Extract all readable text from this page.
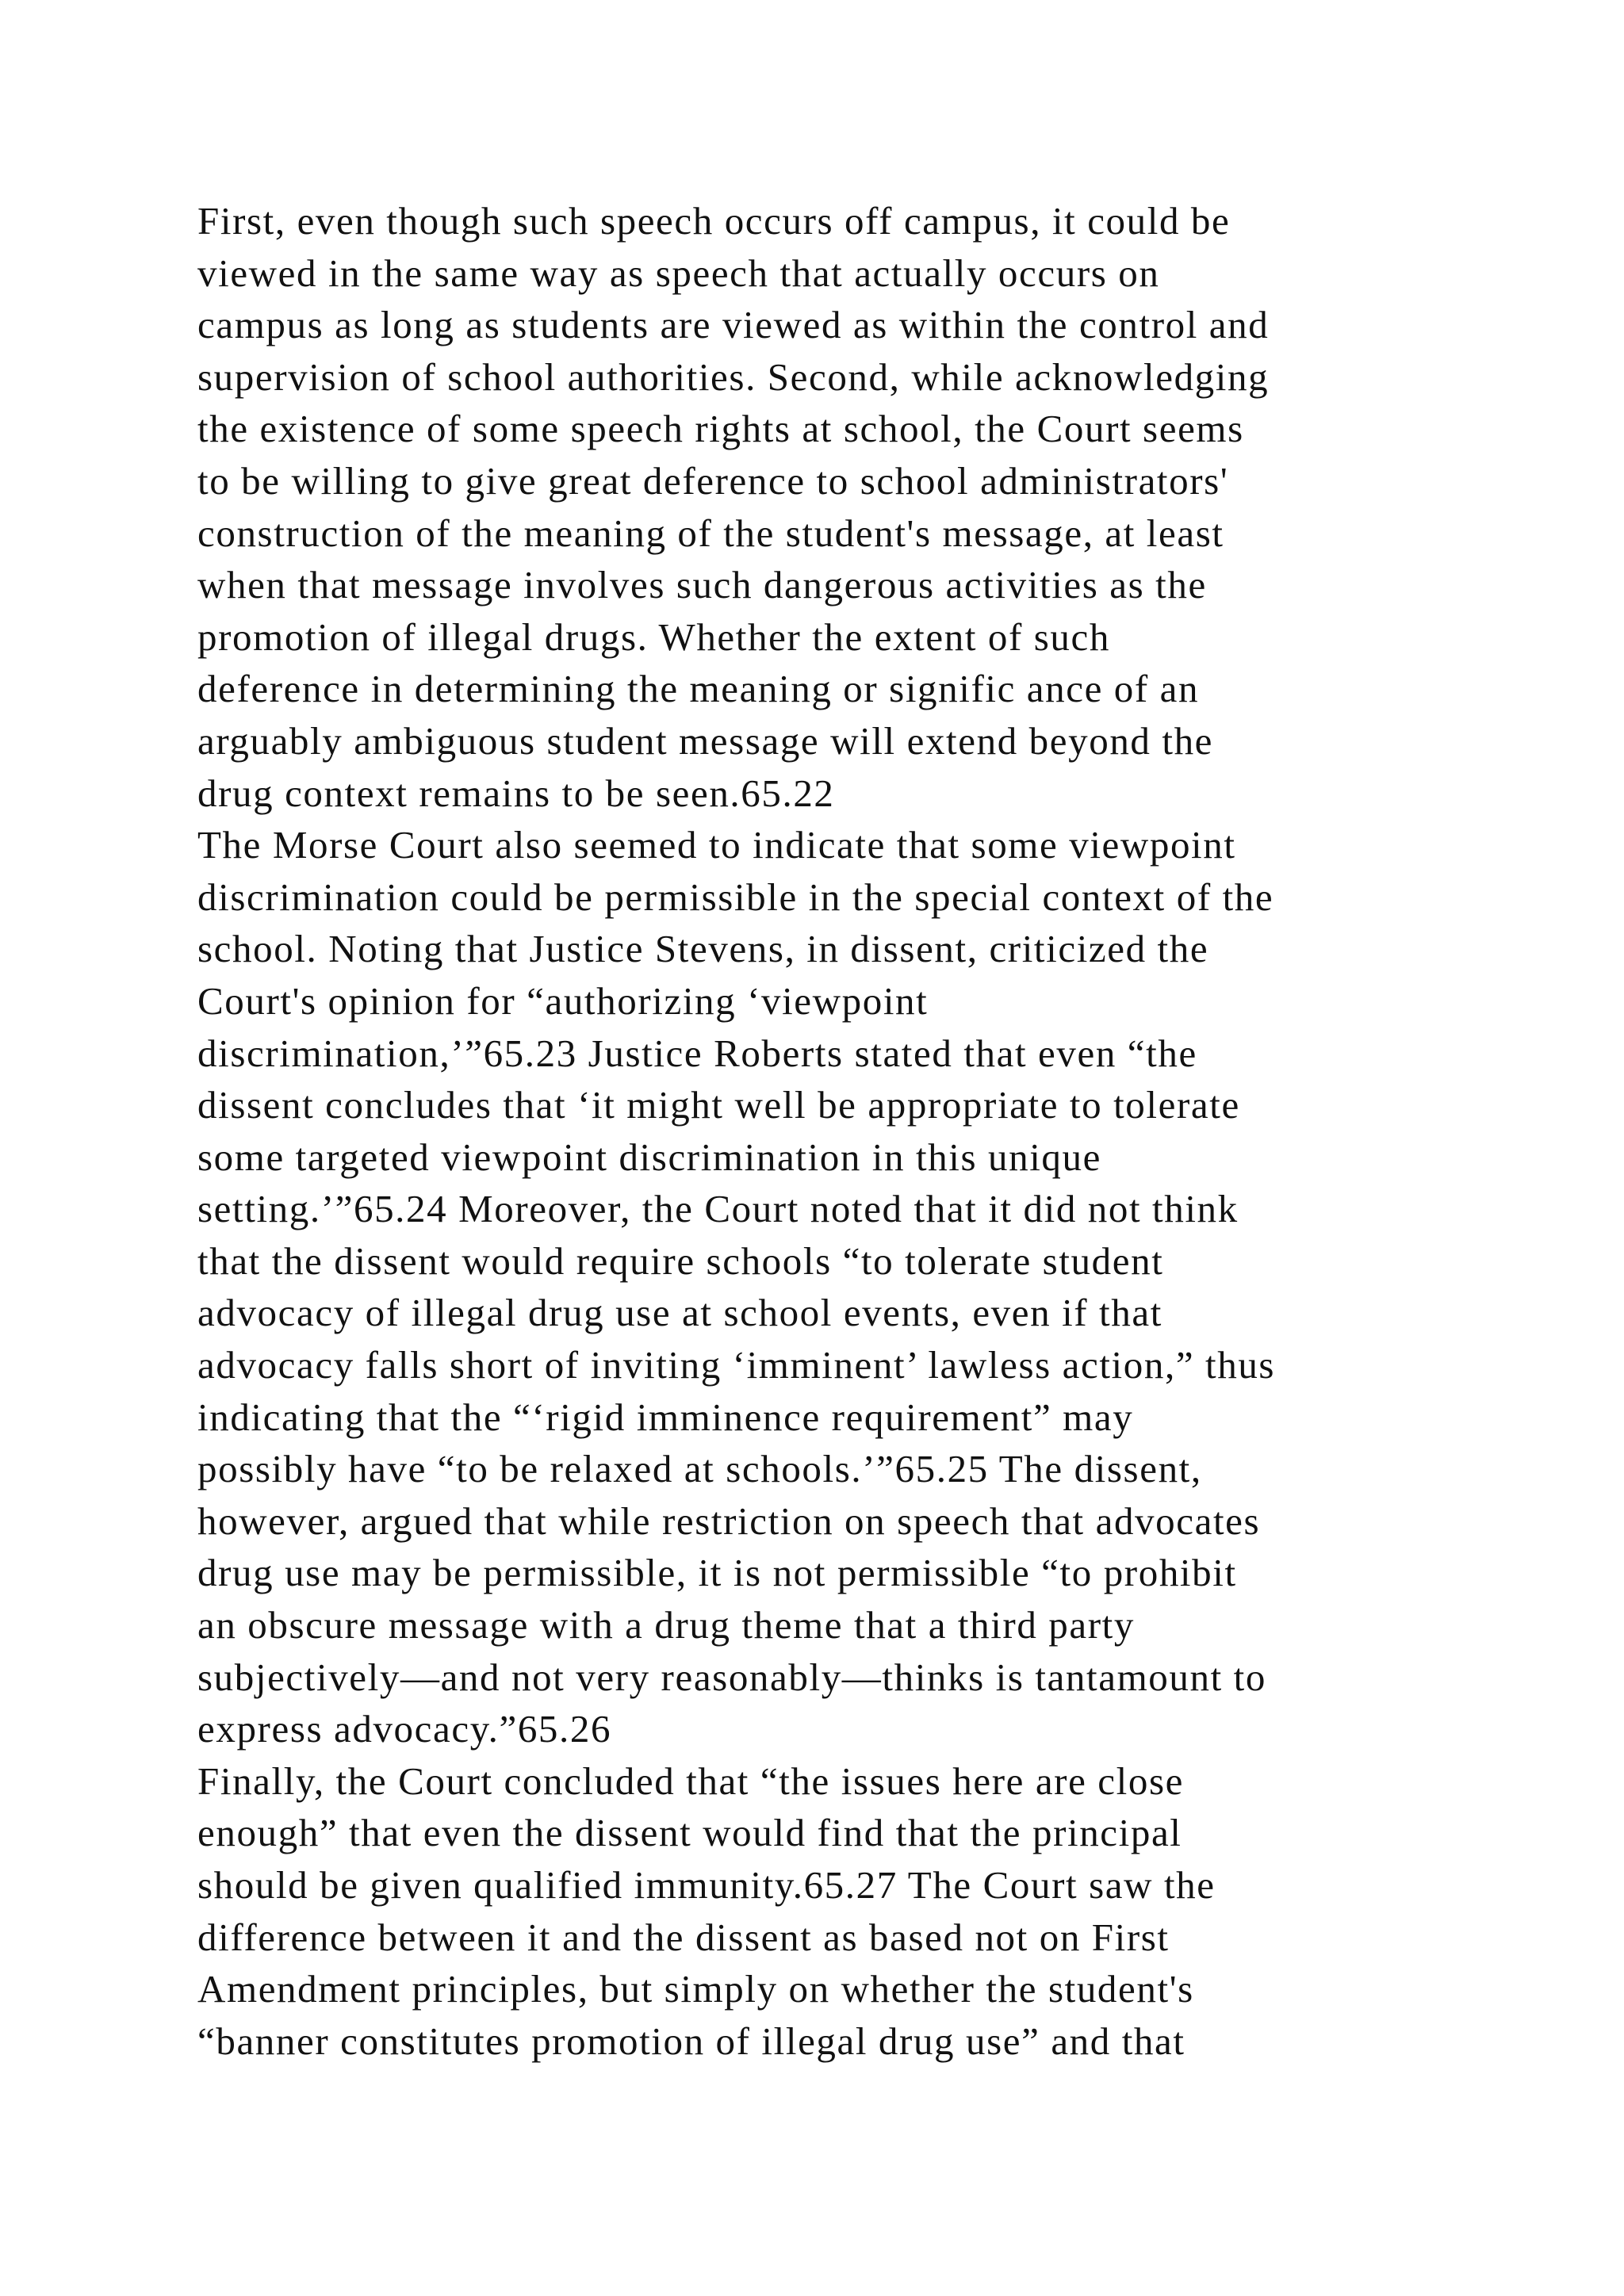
First, even though such speech occurs off campus, it could be
viewed in the same way as speech that actually occurs on
campus as long as students are viewed as within the control and
supervision of school authorities. Second, while acknowledging
the existence of some speech rights at school, the Court seems
to be willing to give great deference to school administrators'
construction of the meaning of the student's message, at least
when that message involves such dangerous activities as the
promotion of illegal drugs. Whether the extent of such
deference in determining the meaning or signific ance of an
arguably ambiguous student message will extend beyond the
drug context remains to be seen.65.22
The Morse Court also seemed to indicate that some viewpoint
discrimination could be permissible in the special context of the
school. Noting that Justice Stevens, in dissent, criticized the
Court's opinion for “authorizing ‘viewpoint
discrimination,’”65.23 Justice Roberts stated that even “the
dissent concludes that ‘it might well be appropriate to tolerate
some targeted viewpoint discrimination in this unique
setting.’”65.24 Moreover, the Court noted that it did not think
that the dissent would require schools “to tolerate student
advocacy of illegal drug use at school events, even if that
advocacy falls short of inviting ‘imminent’ lawless action,” thus
indicating that the “‘rigid imminence requirement” may
possibly have “to be relaxed at schools.’”65.25 The dissent,
however, argued that while restriction on speech that advocates
drug use may be permissible, it is not permissible “to prohibit
an obscure message with a drug theme that a third party
subjectively—and not very reasonably—thinks is tantamount to
express advocacy.”65.26
Finally, the Court concluded that “the issues here are close
enough” that even the dissent would find that the principal
should be given qualified immunity.65.27 The Court saw the
difference between it and the dissent as based not on First
Amendment principles, but simply on whether the student's
“banner constitutes promotion of illegal drug use” and that
